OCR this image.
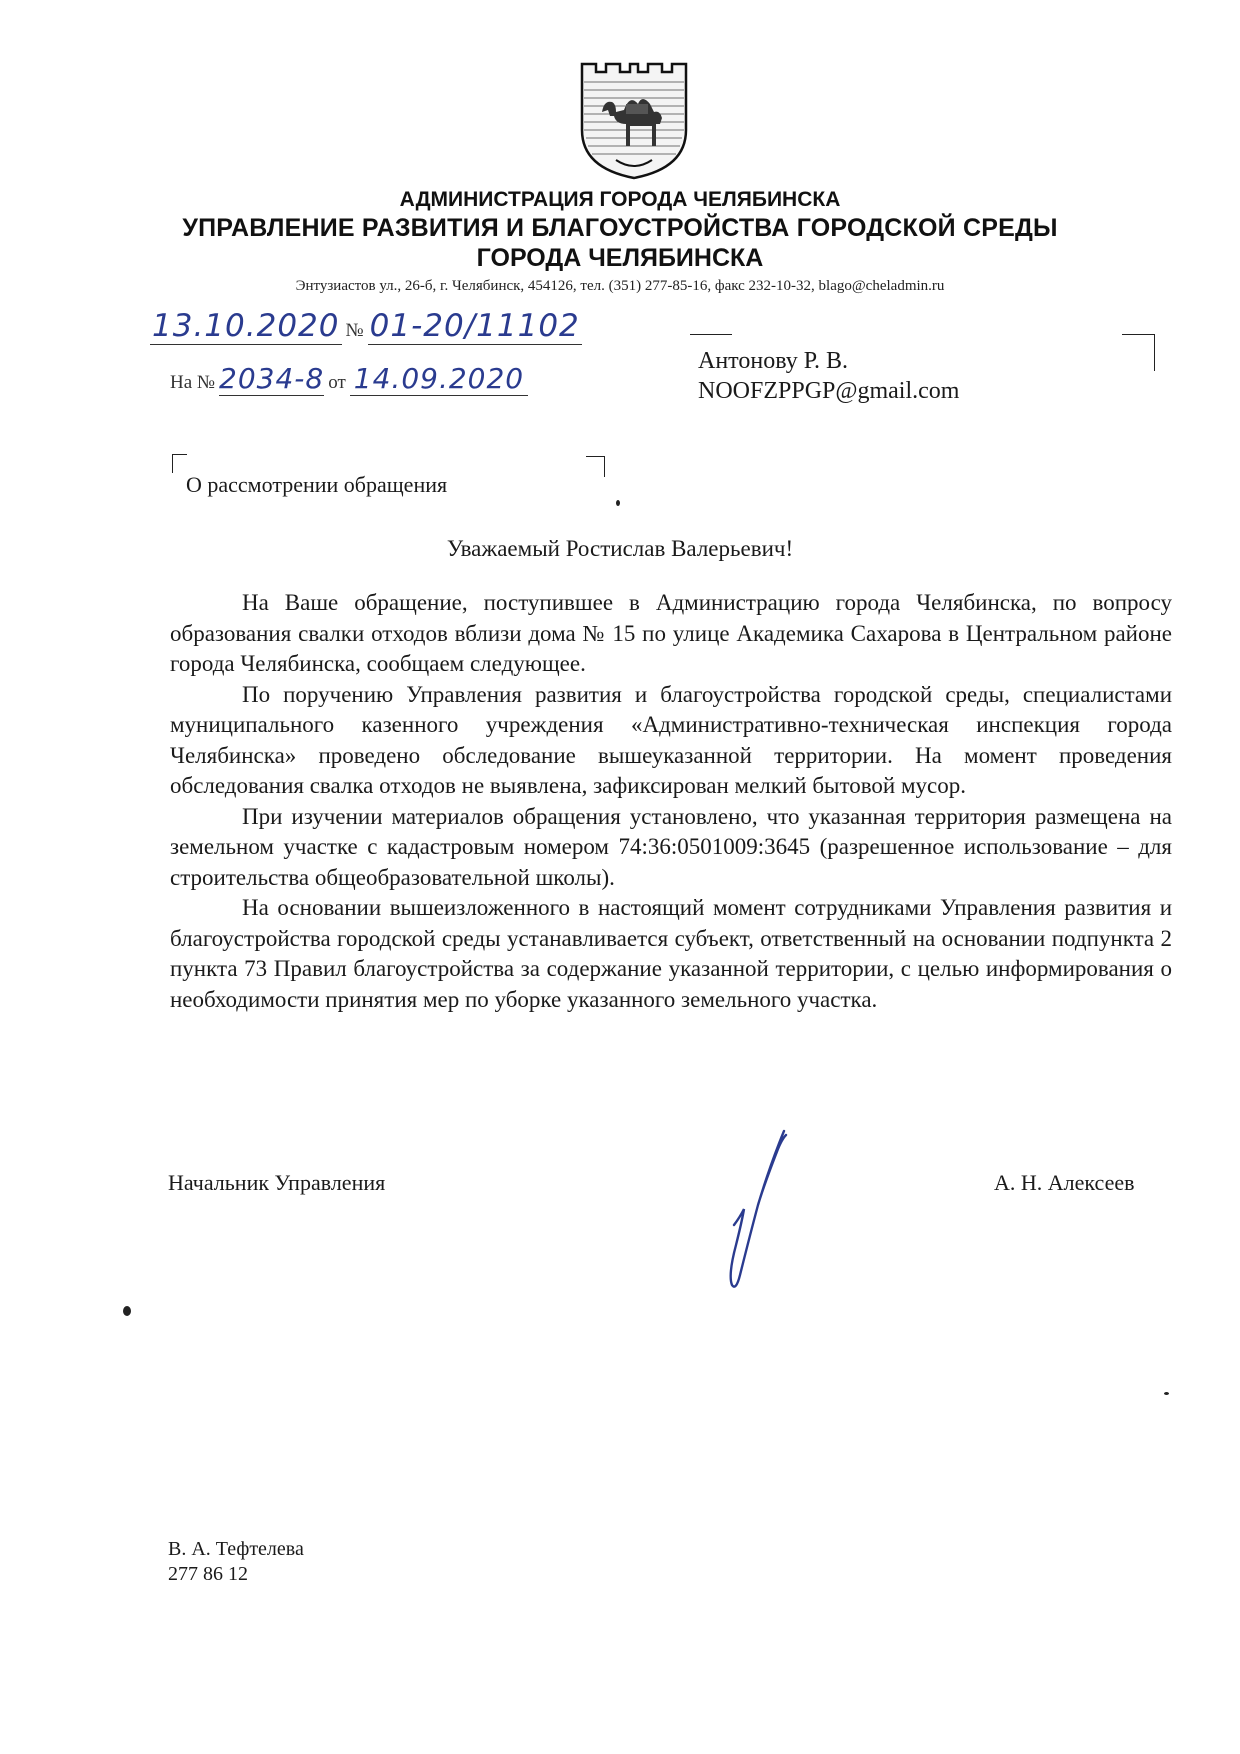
АДМИНИСТРАЦИЯ ГОРОДА ЧЕЛЯБИНСКА
УПРАВЛЕНИЕ РАЗВИТИЯ И БЛАГОУСТРОЙСТВА ГОРОДСКОЙ СРЕДЫ
ГОРОДА ЧЕЛЯБИНСКА
Энтузиастов ул., 26-б, г. Челябинск, 454126, тел. (351) 277-85-16, факс 232-10-32, blago@cheladmin.ru
13.10.2020 № 01-20/11102
На № 2034-8 от 14.09.2020
Антонову Р. В.
NOOFZPPGP@gmail.com
О рассмотрении обращения
Уважаемый Ростислав Валерьевич!

На Ваше обращение, поступившее в Администрацию города Челябинска, по вопросу образования свалки отходов вблизи дома № 15 по улице Академика Сахарова в Центральном районе города Челябинска, сообщаем следующее.

По поручению Управления развития и благоустройства городской среды, специалистами муниципального казенного учреждения «Административно-техническая инспекция города Челябинска» проведено обследование вышеуказанной территории. На момент проведения обследования свалка отходов не выявлена, зафиксирован мелкий бытовой мусор.

При изучении материалов обращения установлено, что указанная территория размещена на земельном участке с кадастровым номером 74:36:0501009:3645 (разрешенное использование – для строительства общеобразовательной школы).

На основании вышеизложенного в настоящий момент сотрудниками Управления развития и благоустройства городской среды устанавливается субъект, ответственный на основании подпункта 2 пункта 73 Правил благоустройства за содержание указанной территории, с целью информирования о необходимости принятия мер по уборке указанного земельного участка.

Начальник Управления	А. Н. Алексеев
В. А. Тефтелева
277 86 12
